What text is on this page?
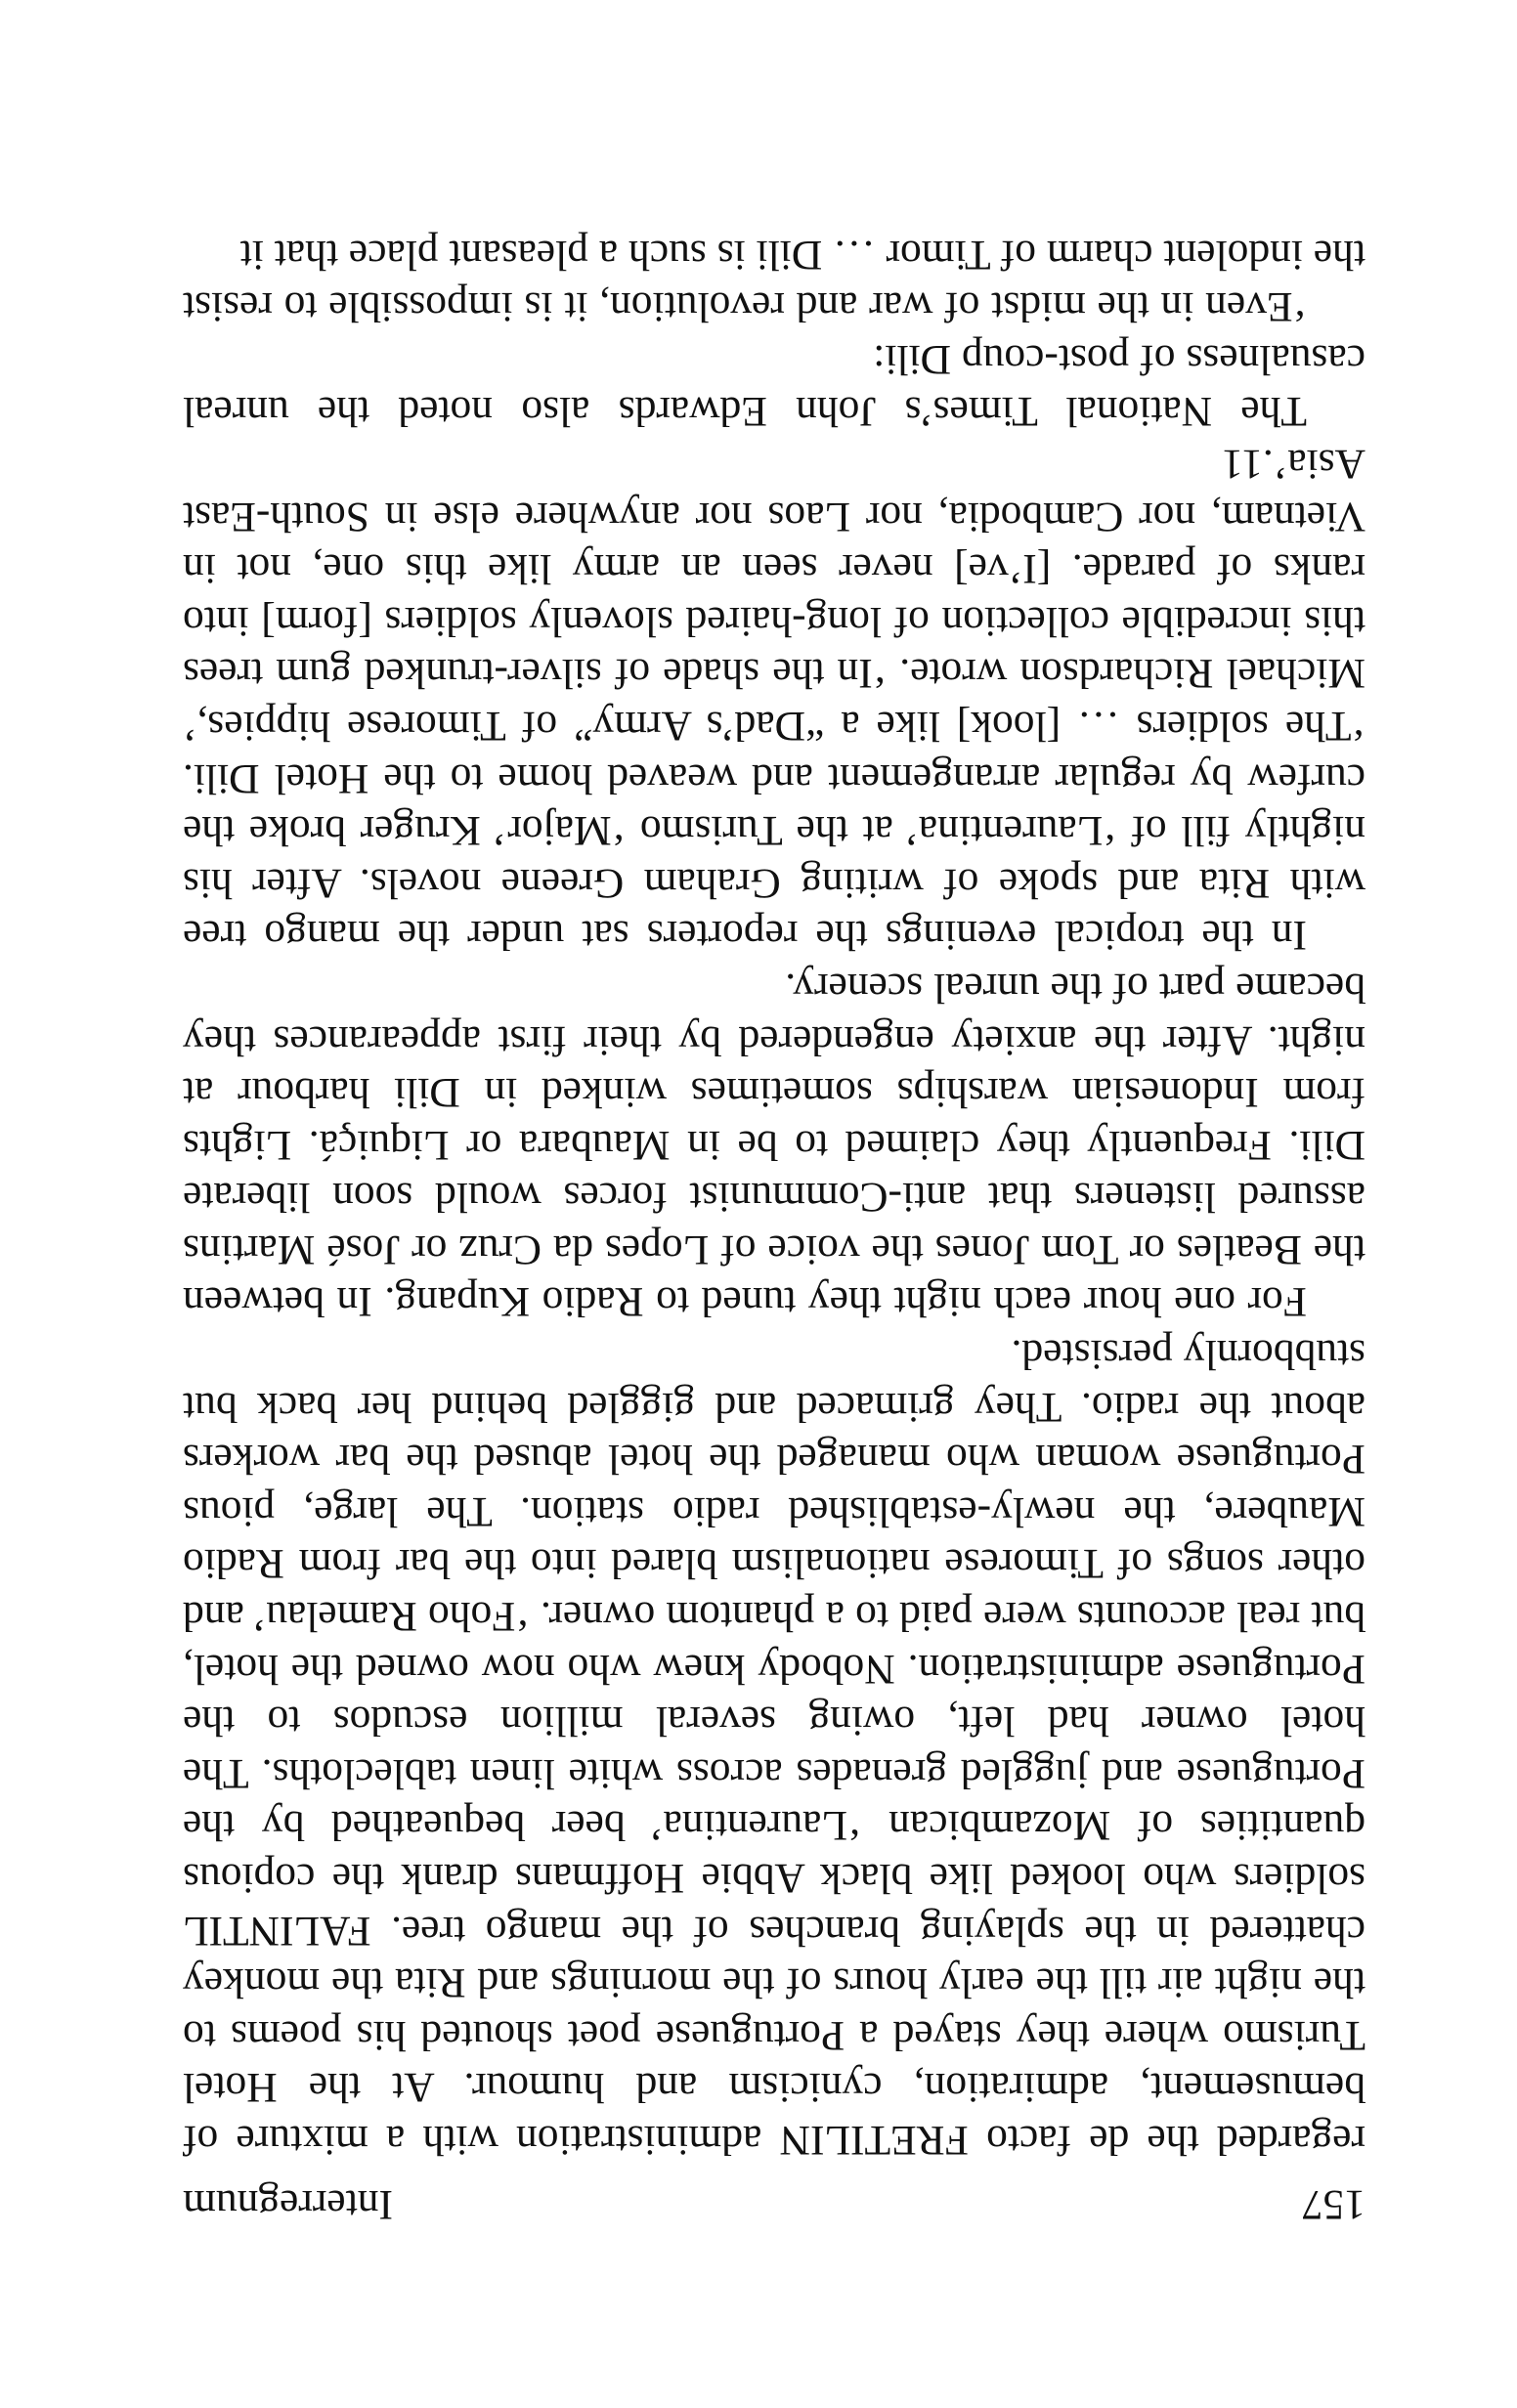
Interregnum	157

regarded the de facto FRETILIN administration with a mixture of bemusement, admiration, cynicism and humour. At the Hotel Turismo where they stayed a Portuguese poet shouted his poems to the night air till the early hours of the mornings and Rita the monkey chattered in the splaying branches of the mango tree. FALINTIL soldiers who looked like black Abbie Hoffmans drank the copious quantities of Mozambican ‘Laurentina’ beer bequeathed by the Portuguese and juggled grenades across white linen tablecloths. The hotel owner had left, owing several million escudos to the Portuguese administration. Nobody knew who now owned the hotel, but real accounts were paid to a phantom owner. ‘Foho Ramelau’ and other songs of Timorese nationalism blared into the bar from Radio Maubere, the newly-established radio station. The large, pious Portuguese woman who managed the hotel abused the bar workers about the radio. They grimaced and giggled behind her back but stubbornly persisted.

For one hour each night they tuned to Radio Kupang. In between the Beatles or Tom Jones the voice of Lopes da Cruz or José Martins assured listeners that anti-Communist forces would soon liberate Dili. Frequently they claimed to be in Maubara or Liquiçá. Lights from Indonesian warships sometimes winked in Dili harbour at night. After the anxiety engendered by their first appearances they became part of the unreal scenery.

In the tropical evenings the reporters sat under the mango tree with Rita and spoke of writing Graham Greene novels. After his nightly fill of ‘Laurentina’ at the Turismo ‘Major’ Kruger broke the curfew by regular arrangement and weaved home to the Hotel Dili. ‘The soldiers … [look] like a “Dad’s Army” of Timorese hippies,’ Michael Richardson wrote. ‘In the shade of silver-trunked gum trees this incredible collection of long-haired slovenly soldiers [form] into ranks of parade. [I’ve] never seen an army like this one, not in Vietnam, nor Cambodia, nor Laos nor anywhere else in South-East Asia’.11

The National Times’s John Edwards also noted the unreal casualness of post-coup Dili:

‘Even in the midst of war and revolution, it is impossible to resist the indolent charm of Timor … Dili is such a pleasant place that it
